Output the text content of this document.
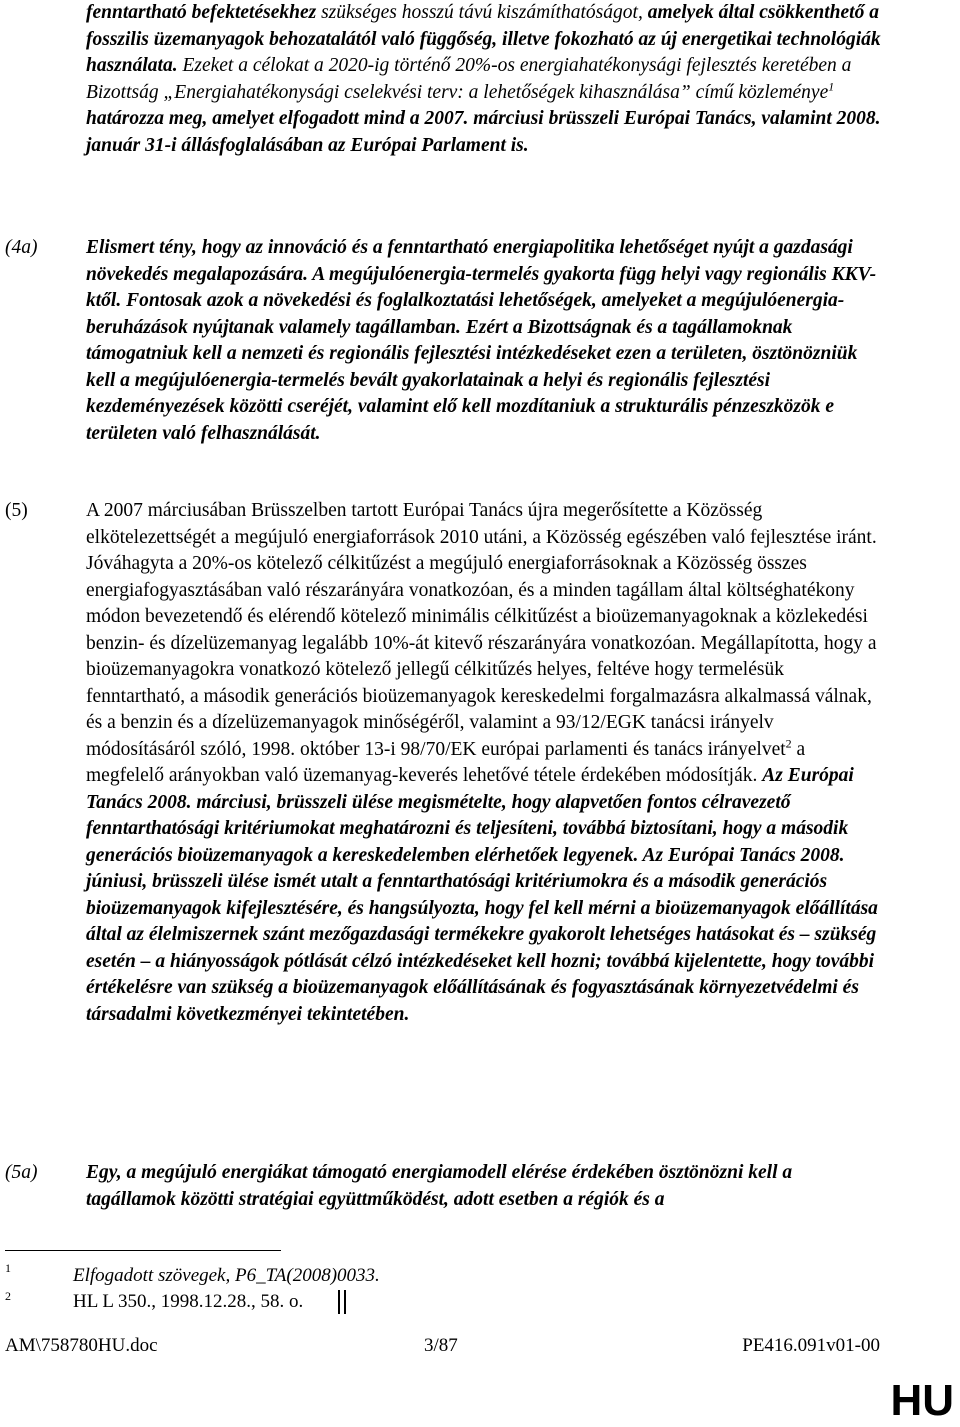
fenntartható befektetésekhez szükséges hosszú távú kiszámíthatóságot, amelyek által csökkenthető a fosszilis üzemanyagok behozatalától való függőség, illetve fokozható az új energetikai technológiák használata. Ezeket a célokat a 2020-ig történő 20%-os energiahatékonysági fejlesztés keretében a Bizottság „Energiahatékonysági cselekvési terv: a lehetőségek kihasználása” című közleménye$^1$ határozza meg, amelyet elfogadott mind a 2007. márciusi brüsszeli Európai Tanács, valamint 2008. január 31-i állásfoglalásában az Európai Parlament is.
(4a) Elismert tény, hogy az innováció és a fenntartható energiapolitika lehetőséget nyújt a gazdasági növekedés megalapozására. A megújulóenergia-termelés gyakorta függ helyi vagy regionális KKV-ktől. Fontosak azok a növekedési és foglalkoztatási lehetőségek, amelyeket a megújulóenergia-beruházások nyújtanak valamely tagállamban. Ezért a Bizottságnak és a tagállamoknak támogatniuk kell a nemzeti és regionális fejlesztési intézkedéseket ezen a területen, ösztönözniük kell a megújulóenergia-termelés bevált gyakorlatainak a helyi és regionális fejlesztési kezdeményezések közötti cseréjét, valamint elő kell mozdítaniuk a strukturális pénzeszközök e területen való felhasználását.
(5)	A 2007 márciusában Brüsszelben tartott Európai Tanács újra megerősítette a Közösség elkötelezettségét a megújuló energiaforrások 2010 utáni, a Közösség egészében való fejlesztése iránt. Jóváhagyta a 20%-os kötelező célkitűzést a megújuló energiaforrásoknak a Közösség összes energiafogyasztásában való részarányára vonatkozóan, és a minden tagállam által költséghatékony módon bevezetendő és elérendő kötelező minimális célkitűzést a bioüzemanyagoknak a közlekedési benzin- és dízelüzemanyag legalább 10%-át kitevő részarányára vonatkozóan. Megállapította, hogy a bioüzemanyagokra vonatkozó kötelező jellegű célkitűzés helyes, feltéve hogy termelésük fenntartható, a második generációs bioüzemanyagok kereskedelmi forgalmazásra alkalmassá válnak, és a benzin és a dízelüzemanyagok minőségéről, valamint a 93/12/EGK tanácsi irányelv módosításáról szóló, 1998. október 13-i 98/70/EK európai parlamenti és tanács irányelvet$^2$ a megfelelő arányokban való üzemanyag-keverés lehetővé tétele érdekében módosítják. Az Európai Tanács 2008. márciusi, brüsszeli ülése megismételte, hogy alapvetően fontos célravezető fenntarthatósági kritériumokat meghatározni és teljesíteni, továbbá biztosítani, hogy a második generációs bioüzemanyagok a kereskedelemben elérhetőek legyenek. Az Európai Tanács 2008. júniusi, brüsszeli ülése ismét utalt a fenntarthatósági kritériumokra és a második generációs bioüzemanyagok kifejlesztésére, és hangsúlyozta, hogy fel kell mérni a bioüzemanyagok előállítása által az élelmiszernek szánt mezőgazdasági termékekre gyakorolt lehetséges hatásokat és – szükség esetén – a hiányosságok pótlását célzó intézkedéseket kell hozni; továbbá kijelentette, hogy további értékelésre van szükség a bioüzemanyagok előállításának és fogyasztásának környezetvédelmi és társadalmi következményei tekintetében.
(5a) Egy, a megújuló energiákat támogató energiamodell elérése érdekében ösztönözni kell a tagállamok közötti stratégiai együttműködést, adott esetben a régiók és a
1	Elfogadott szövegek, P6_TA(2008)0033.
2	HL L 350., 1998.12.28., 58. o.
AM\758780HU.doc	3/87	PE416.091v01-00
HU
